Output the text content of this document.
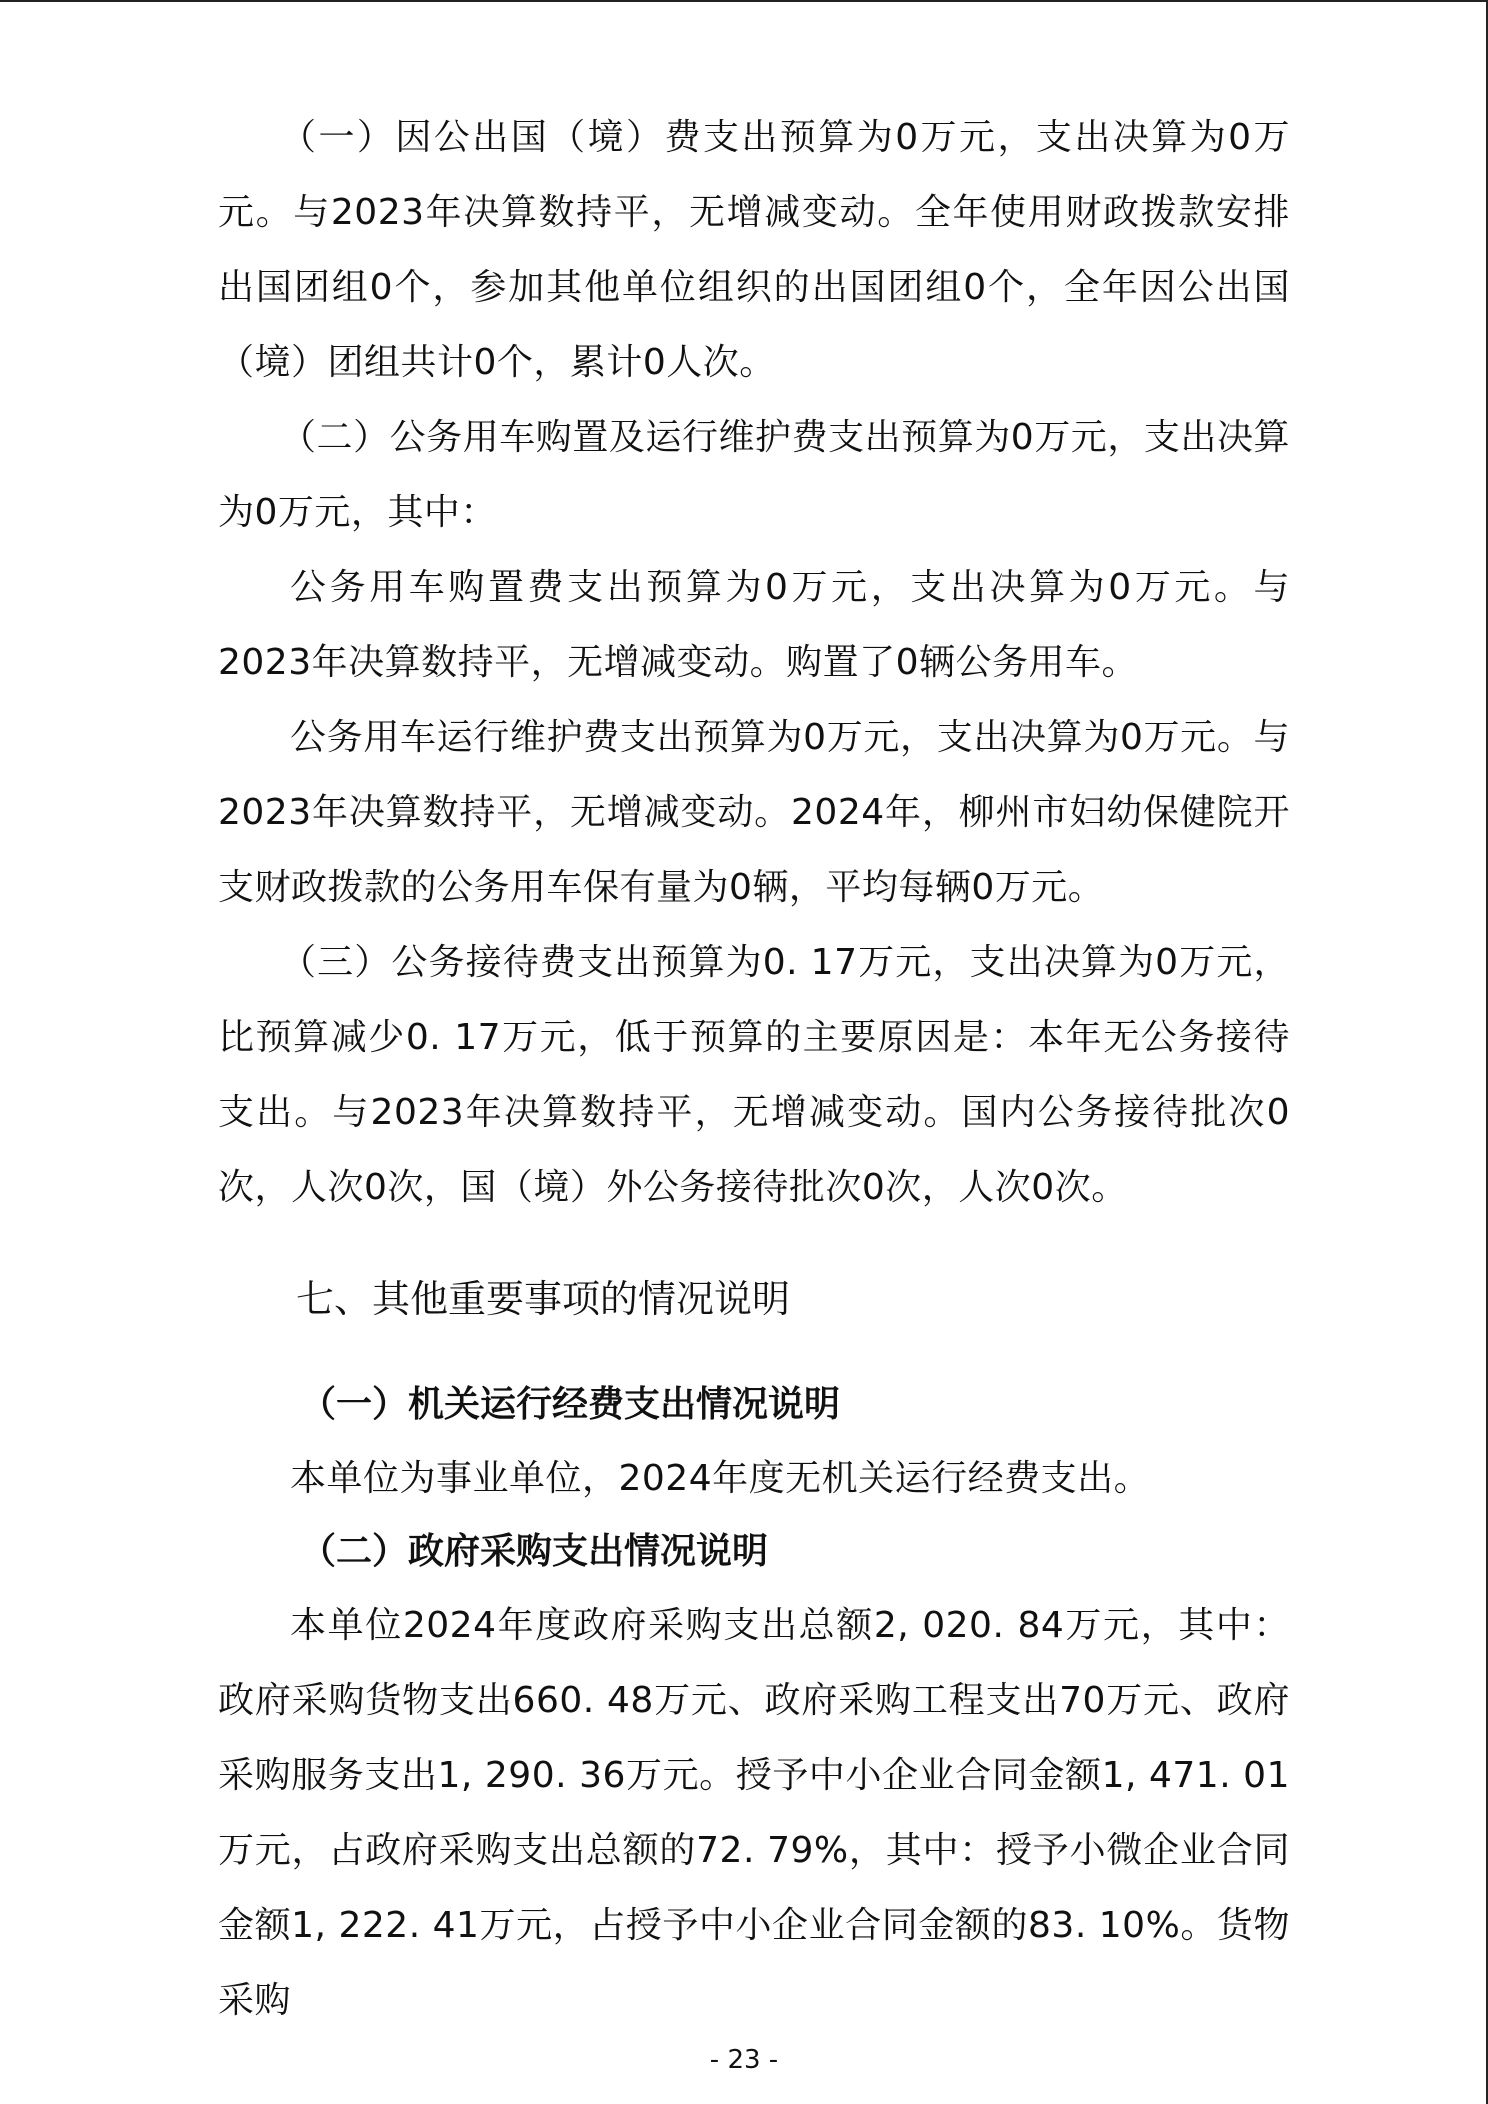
（一）因公出国（境）费支出预算为0万元，支出决算为0万元。与2023年决算数持平，无增减变动。全年使用财政拨款安排出国团组0个，参加其他单位组织的出国团组0个，全年因公出国（境）团组共计0个，累计0人次。

（二）公务用车购置及运行维护费支出预算为0万元，支出决算为0万元，其中：

公务用车购置费支出预算为0万元，支出决算为0万元。与2023年决算数持平，无增减变动。购置了0辆公务用车。

公务用车运行维护费支出预算为0万元，支出决算为0万元。与2023年决算数持平，无增减变动。2024年，柳州市妇幼保健院开支财政拨款的公务用车保有量为0辆，平均每辆0万元。

（三）公务接待费支出预算为0. 17万元，支出决算为0万元，比预算减少0. 17万元，低于预算的主要原因是：本年无公务接待支出。与2023年决算数持平，无增减变动。国内公务接待批次0次，人次0次，国（境）外公务接待批次0次，人次0次。

七、其他重要事项的情况说明
（一）机关运行经费支出情况说明

本单位为事业单位，2024年度无机关运行经费支出。

（二）政府采购支出情况说明

本单位2024年度政府采购支出总额2, 020. 84万元，其中：政府采购货物支出660. 48万元、政府采购工程支出70万元、政府采购服务支出1, 290. 36万元。授予中小企业合同金额1, 471. 01万元，占政府采购支出总额的72. 79%，其中：授予小微企业合同金额1, 222. 41万元，占授予中小企业合同金额的83. 10%。货物采购

- 23 -
